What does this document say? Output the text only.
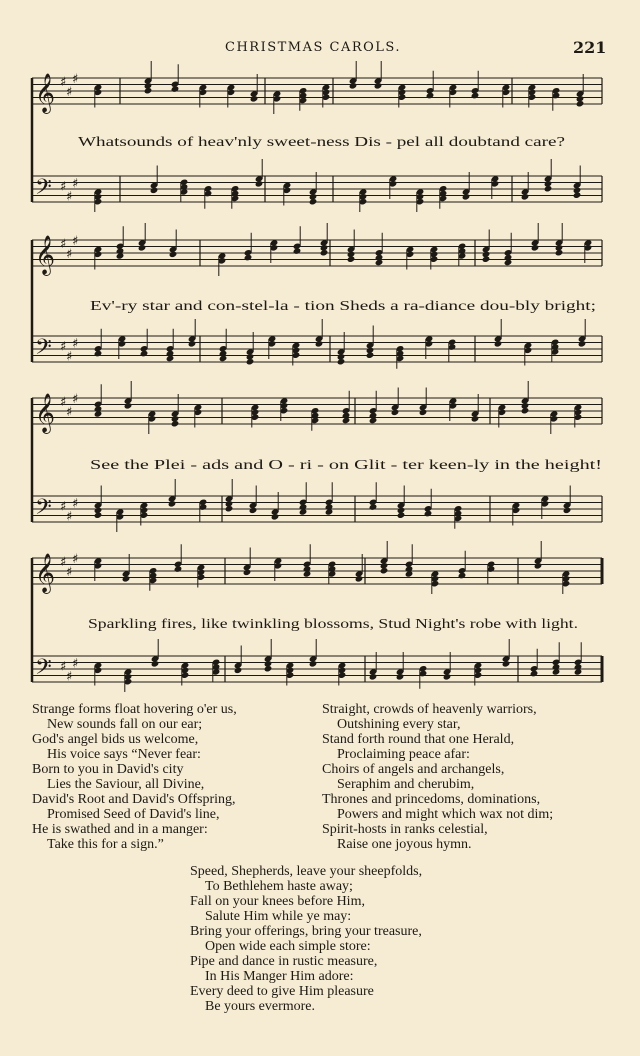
CHRISTMAS CAROLS.	221
𝄞 ♯
♯
♯
𝄢 ♯
♯
♯
𝄞 ♯
♯
♯
𝄢 ♯
♯
♯
𝄞 ♯
♯
♯
𝄢 ♯
♯
♯
𝄞 ♯
♯
♯
𝄢 ♯
♯
♯
Whatsounds of heav'nly sweet-ness Dis - pel all doubtand care?
Ev'-ry star and con-stel-la - tion Sheds a ra-diance dou-bly bright;
See the Plei - ads and O - ri - on Glit - ter keen-ly in the height!
Sparkling fires, like twinkling blossoms, Stud Night's robe with light.
Strange forms float hovering o'er us,
New sounds fall on our ear;
God's angel bids us welcome,
His voice says “Never fear:
Born to you in David's city
Lies the Saviour, all Divine,
David's Root and David's Offspring,
Promised Seed of David's line,
He is swathed and in a manger:
Take this for a sign.”
Straight, crowds of heavenly warriors,
Outshining every star,
Stand forth round that one Herald,
Proclaiming peace afar:
Choirs of angels and archangels,
Seraphim and cherubim,
Thrones and princedoms, dominations,
Powers and might which wax not dim;
Spirit-hosts in ranks celestial,
Raise one joyous hymn.
Speed, Shepherds, leave your sheepfolds,
To Bethlehem haste away;
Fall on your knees before Him,
Salute Him while ye may:
Bring your offerings, bring your treasure,
Open wide each simple store:
Pipe and dance in rustic measure,
In His Manger Him adore:
Every deed to give Him pleasure
Be yours evermore.
